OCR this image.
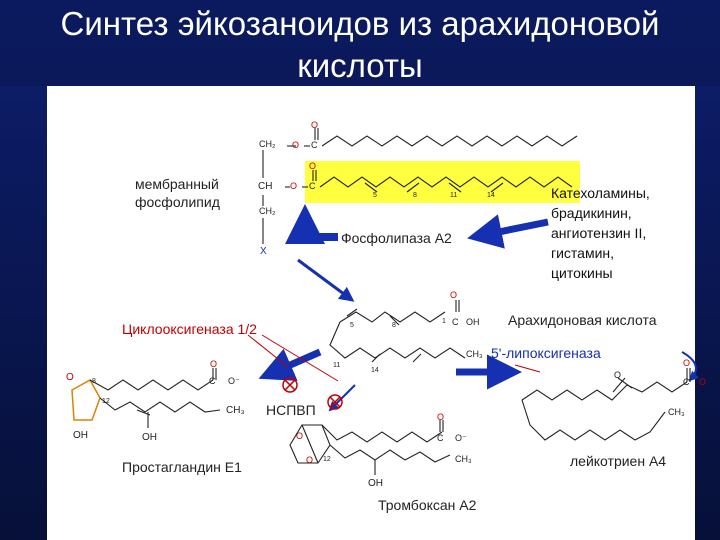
Синтез эйкозаноидов из арахидоновой
кислоты
CH₂ O C
O
CH O C
O
CH₂
X
5	8	11	14
O
C OH
CH₃
1
5	8
11
14
O
OH	OH
CH₃
O
C O⁻
8
12
O
O 12
O
C O⁻
CH₃
OH
O
O
C O
CH₃
мембранный
фосфолипид
Фосфолипаза А2
Катехоламины,
брадикинин,
ангиотензин II,
гистамин,
цитокины
Циклооксигеназа 1/2
Арахидоновая кислота
5'-липоксигеназа
НСПВП
Простагландин Е1
Тромбоксан А2
лейкотриен А4
